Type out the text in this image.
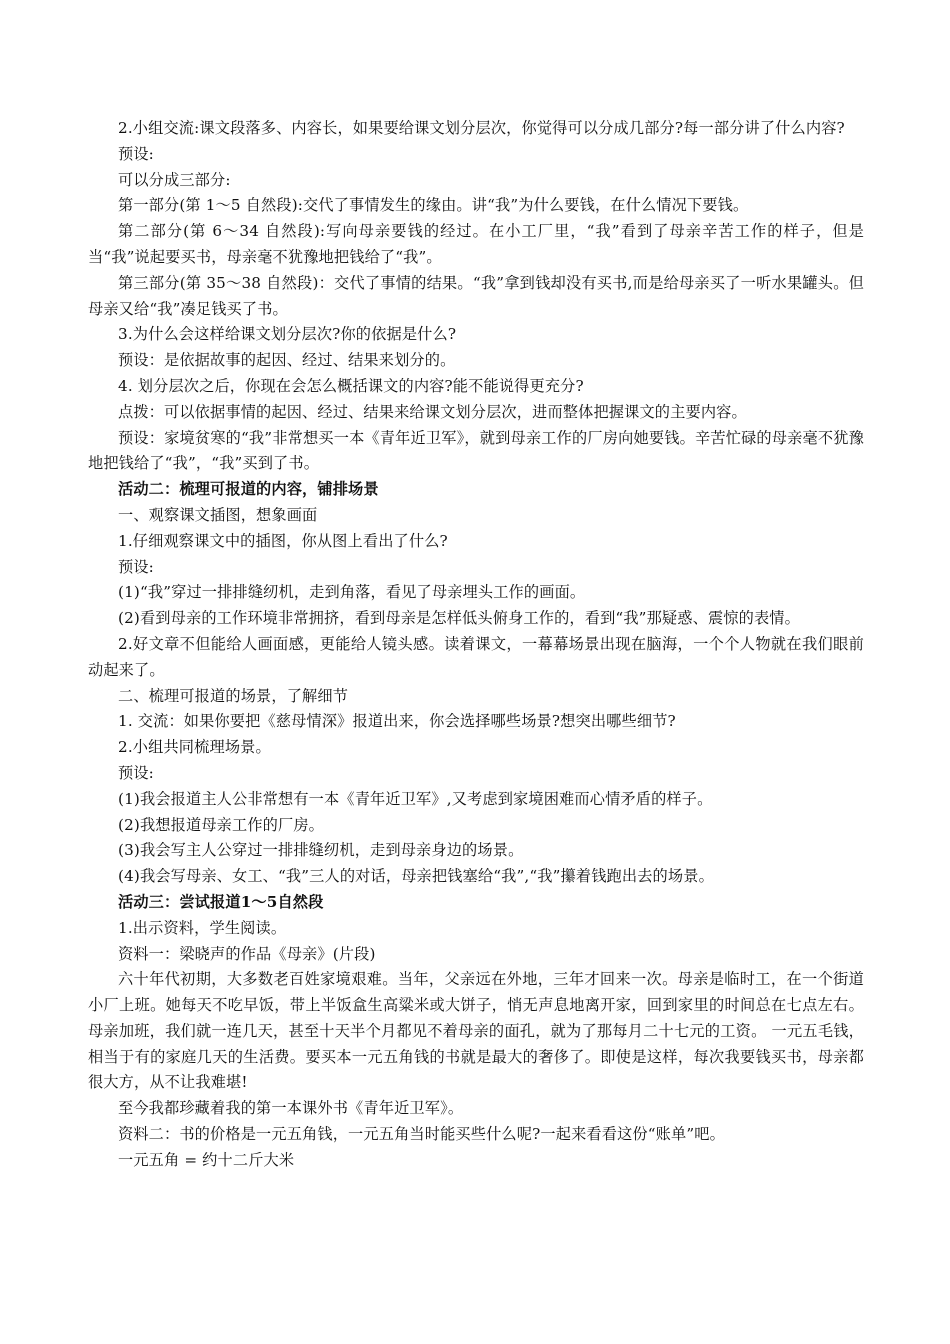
2.小组交流:课文段落多、内容长，如果要给课文划分层次，你觉得可以分成几部分?每一部分讲了什么内容?

预设:

可以分成三部分:

第一部分(第 1～5 自然段):交代了事情发生的缘由。讲“我”为什么要钱，在什么情况下要钱。

第二部分(第 6～34 自然段):写向母亲要钱的经过。在小工厂里，“我”看到了母亲辛苦工作的样子，但是当“我”说起要买书，母亲毫不犹豫地把钱给了“我”。

第三部分(第 35～38 自然段)：交代了事情的结果。“我”拿到钱却没有买书,而是给母亲买了一听水果罐头。但母亲又给“我”凑足钱买了书。

3.为什么会这样给课文划分层次?你的依据是什么?

预设：是依据故事的起因、经过、结果来划分的。

4. 划分层次之后，你现在会怎么概括课文的内容?能不能说得更充分?

点拨：可以依据事情的起因、经过、结果来给课文划分层次，进而整体把握课文的主要内容。

预设：家境贫寒的“我”非常想买一本《青年近卫军》，就到母亲工作的厂房向她要钱。辛苦忙碌的母亲毫不犹豫地把钱给了“我”，“我”买到了书。

活动二：梳理可报道的内容，铺排场景

一、观察课文插图，想象画面

1.仔细观察课文中的插图，你从图上看出了什么?

预设:

(1)“我”穿过一排排缝纫机，走到角落，看见了母亲埋头工作的画面。

(2)看到母亲的工作环境非常拥挤，看到母亲是怎样低头俯身工作的，看到“我”那疑惑、震惊的表情。

2.好文章不但能给人画面感，更能给人镜头感。读着课文，一幕幕场景出现在脑海，一个个人物就在我们眼前动起来了。

二、梳理可报道的场景，了解细节

1. 交流：如果你要把《慈母情深》报道出来，你会选择哪些场景?想突出哪些细节?

2.小组共同梳理场景。

预设:

(1)我会报道主人公非常想有一本《青年近卫军》,又考虑到家境困难而心情矛盾的样子。

(2)我想报道母亲工作的厂房。

(3)我会写主人公穿过一排排缝纫机，走到母亲身边的场景。

(4)我会写母亲、女工、“我”三人的对话，母亲把钱塞给“我”,“我”攥着钱跑出去的场景。

活动三：尝试报道1～5自然段

1.出示资料，学生阅读。

资料一：梁晓声的作品《母亲》(片段)

六十年代初期，大多数老百姓家境艰难。当年，父亲远在外地，三年才回来一次。母亲是临时工，在一个街道小厂上班。她每天不吃早饭，带上半饭盒生高粱米或大饼子，悄无声息地离开家，回到家里的时间总在七点左右。母亲加班，我们就一连几天，甚至十天半个月都见不着母亲的面孔，就为了那每月二十七元的工资。 一元五毛钱，相当于有的家庭几天的生活费。要买本一元五角钱的书就是最大的奢侈了。即使是这样，每次我要钱买书，母亲都很大方，从不让我难堪!

至今我都珍藏着我的第一本课外书《青年近卫军》。

资料二：书的价格是一元五角钱，一元五角当时能买些什么呢?一起来看看这份“账单”吧。

一元五角 = 约十二斤大米
